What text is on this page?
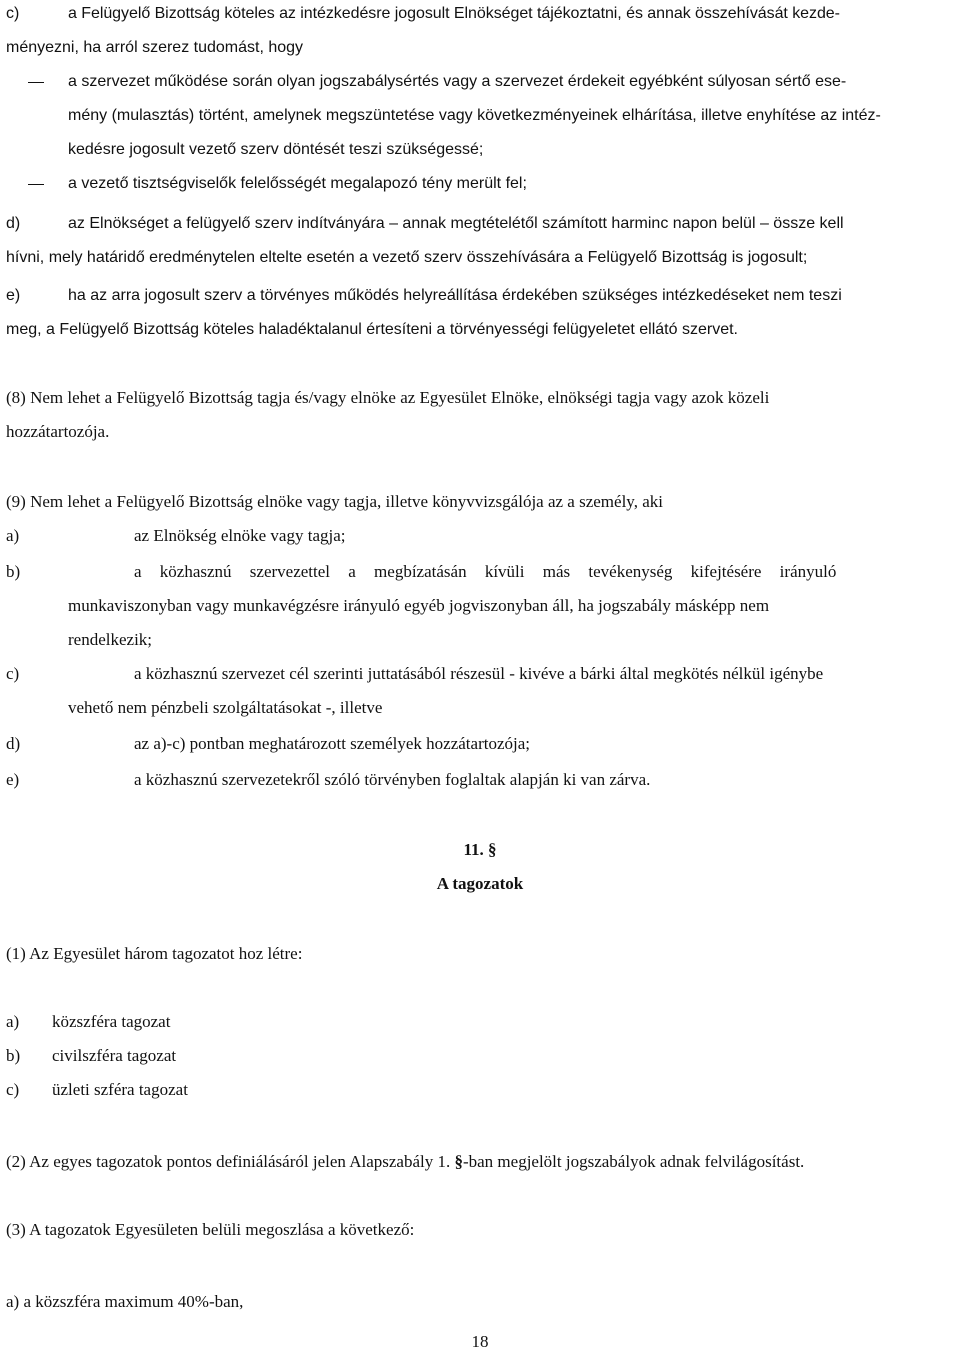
c)	a Felügyelő Bizottság köteles az intézkedésre jogosult Elnökséget tájékoztatni, és annak összehívását kezde-
ményezni, ha arról szerez tudomást, hogy
a szervezet működése során olyan jogszabálysértés vagy a szervezet érdekeit egyébként súlyosan sértő ese-
mény (mulasztás) történt, amelynek megszüntetése vagy következményeinek elhárítása, illetve enyhítése az intéz-
kedésre jogosult vezető szerv döntését teszi szükségessé;
a vezető tisztségviselők felelősségét megalapozó tény merült fel;
d)	az Elnökséget a felügyelő szerv indítványára – annak megtételétől számított harminc napon belül – össze kell
hívni, mely határidő eredménytelen eltelte esetén a vezető szerv összehívására a Felügyelő Bizottság is jogosult;
e)	ha az arra jogosult szerv a törvényes működés helyreállítása érdekében szükséges intézkedéseket nem teszi
meg, a Felügyelő Bizottság köteles haladéktalanul értesíteni a törvényességi felügyeletet ellátó szervet.
(8) Nem lehet a Felügyelő Bizottság tagja és/vagy elnöke az Egyesület Elnöke, elnökségi tagja vagy azok közeli
hozzátartozója.
(9) Nem lehet a Felügyelő Bizottság elnöke vagy tagja, illetve könyvvizsgálója az a személy, aki
a)	az Elnökség elnöke vagy tagja;
b)	a közhasznú szervezettel a megbízatásán kívüli más tevékenység kifejtésére irányuló
munkaviszonyban vagy munkavégzésre irányuló egyéb jogviszonyban áll, ha jogszabály másképp nem
rendelkezik;
c)	a közhasznú szervezet cél szerinti juttatásából részesül - kivéve a bárki által megkötés nélkül igénybe
vehető nem pénzbeli szolgáltatásokat -, illetve
d)	az a)-c) pontban meghatározott személyek hozzátartozója;
e)	a közhasznú szervezetekről szóló törvényben foglaltak alapján ki van zárva.
11. §
A tagozatok
(1) Az Egyesület három tagozatot hoz létre:
a) közszféra tagozat
b) civilszféra tagozat
c) üzleti szféra tagozat
(2) Az egyes tagozatok pontos definiálásáról jelen Alapszabály 1. §-ban megjelölt jogszabályok adnak felvilágosítást.
(3) A tagozatok Egyesületen belüli megoszlása a következő:
a) a közszféra maximum 40%-ban,
18
